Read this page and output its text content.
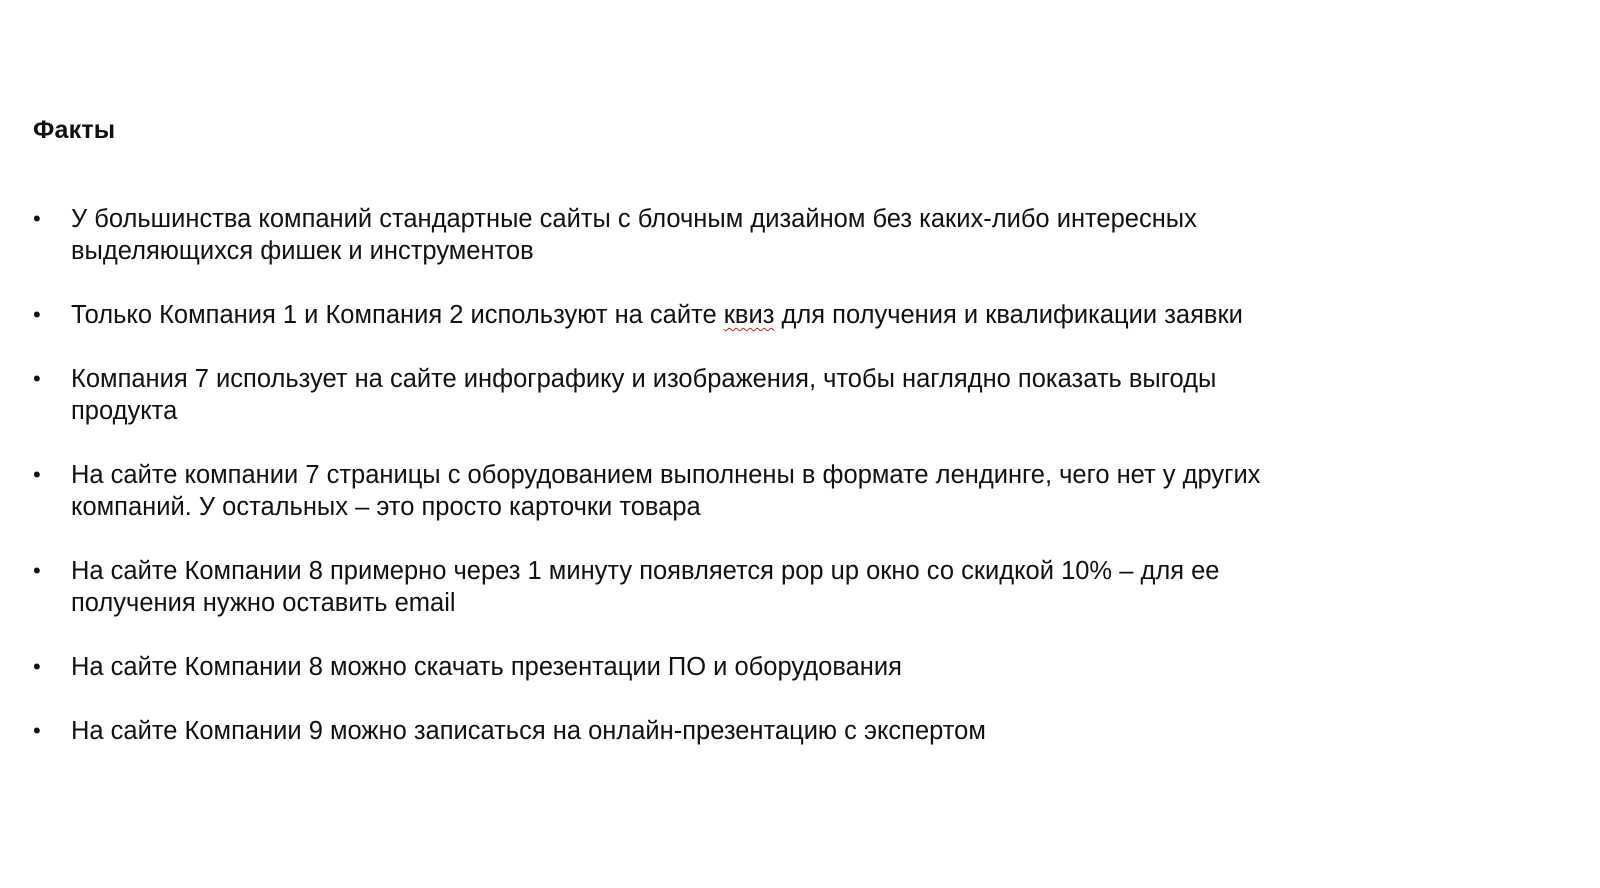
Факты
•	У большинства компаний стандартные сайты с блочным дизайном без каких-либо интересных выделяющихся фишек и инструментов
•	Только Компания 1 и Компания 2 используют на сайте квиз для получения и квалификации заявки
•	Компания 7 использует на сайте инфографику и изображения, чтобы наглядно показать выгоды продукта
•	На сайте компании 7 страницы с оборудованием выполнены в формате лендинге, чего нет у других компаний. У остальных – это просто карточки товара
•	На сайте Компании 8 примерно через 1 минуту появляется pop up окно со скидкой 10% – для ее получения нужно оставить email
•	На сайте Компании 8 можно скачать презентации ПО и оборудования
•	На сайте Компании 9 можно записаться на онлайн-презентацию с экспертом
